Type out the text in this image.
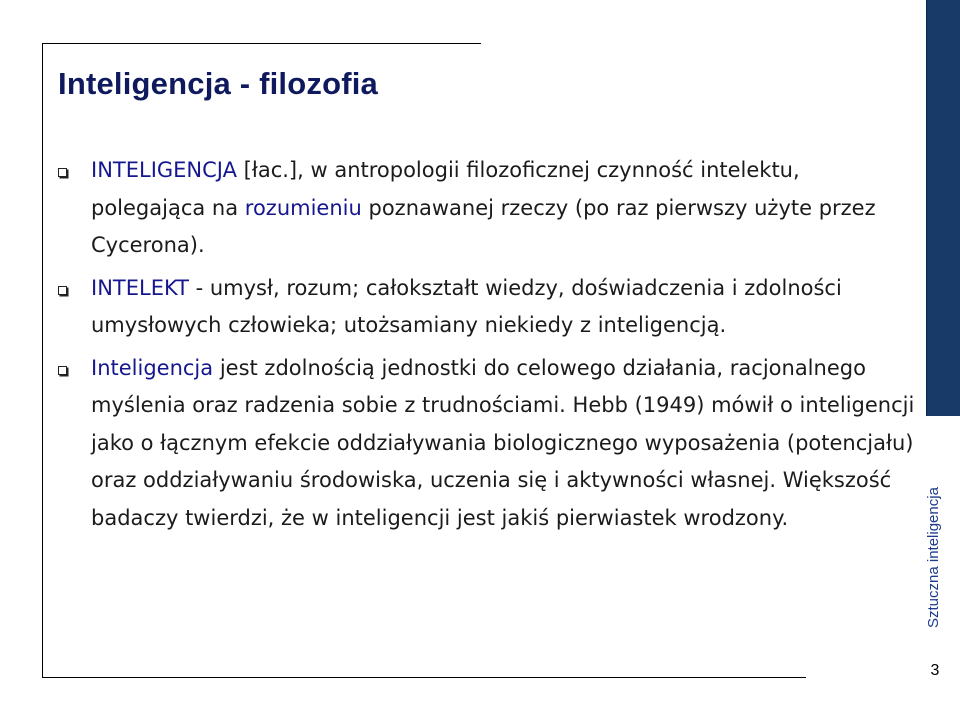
Sztuczna inteligencja
3
Inteligencja - filozofia
INTELIGENCJA [łac.], w antropologii filozoficznej czynność intelektu, polegająca na rozumieniu poznawanej rzeczy (po raz pierwszy użyte przez Cycerona).
INTELEKT - umysł, rozum; całokształt wiedzy, doświadczenia i zdolności umysłowych człowieka; utożsamiany niekiedy z inteligencją.
Inteligencja jest zdolnością jednostki do celowego działania, racjonalnego myślenia oraz radzenia sobie z trudnościami. Hebb (1949) mówił o inteligencji jako o łącznym efekcie oddziaływania biologicznego wyposażenia (potencjału) oraz oddziaływaniu środowiska, uczenia się i aktywności własnej. Większość badaczy twierdzi, że w inteligencji jest jakiś pierwiastek wrodzony.
